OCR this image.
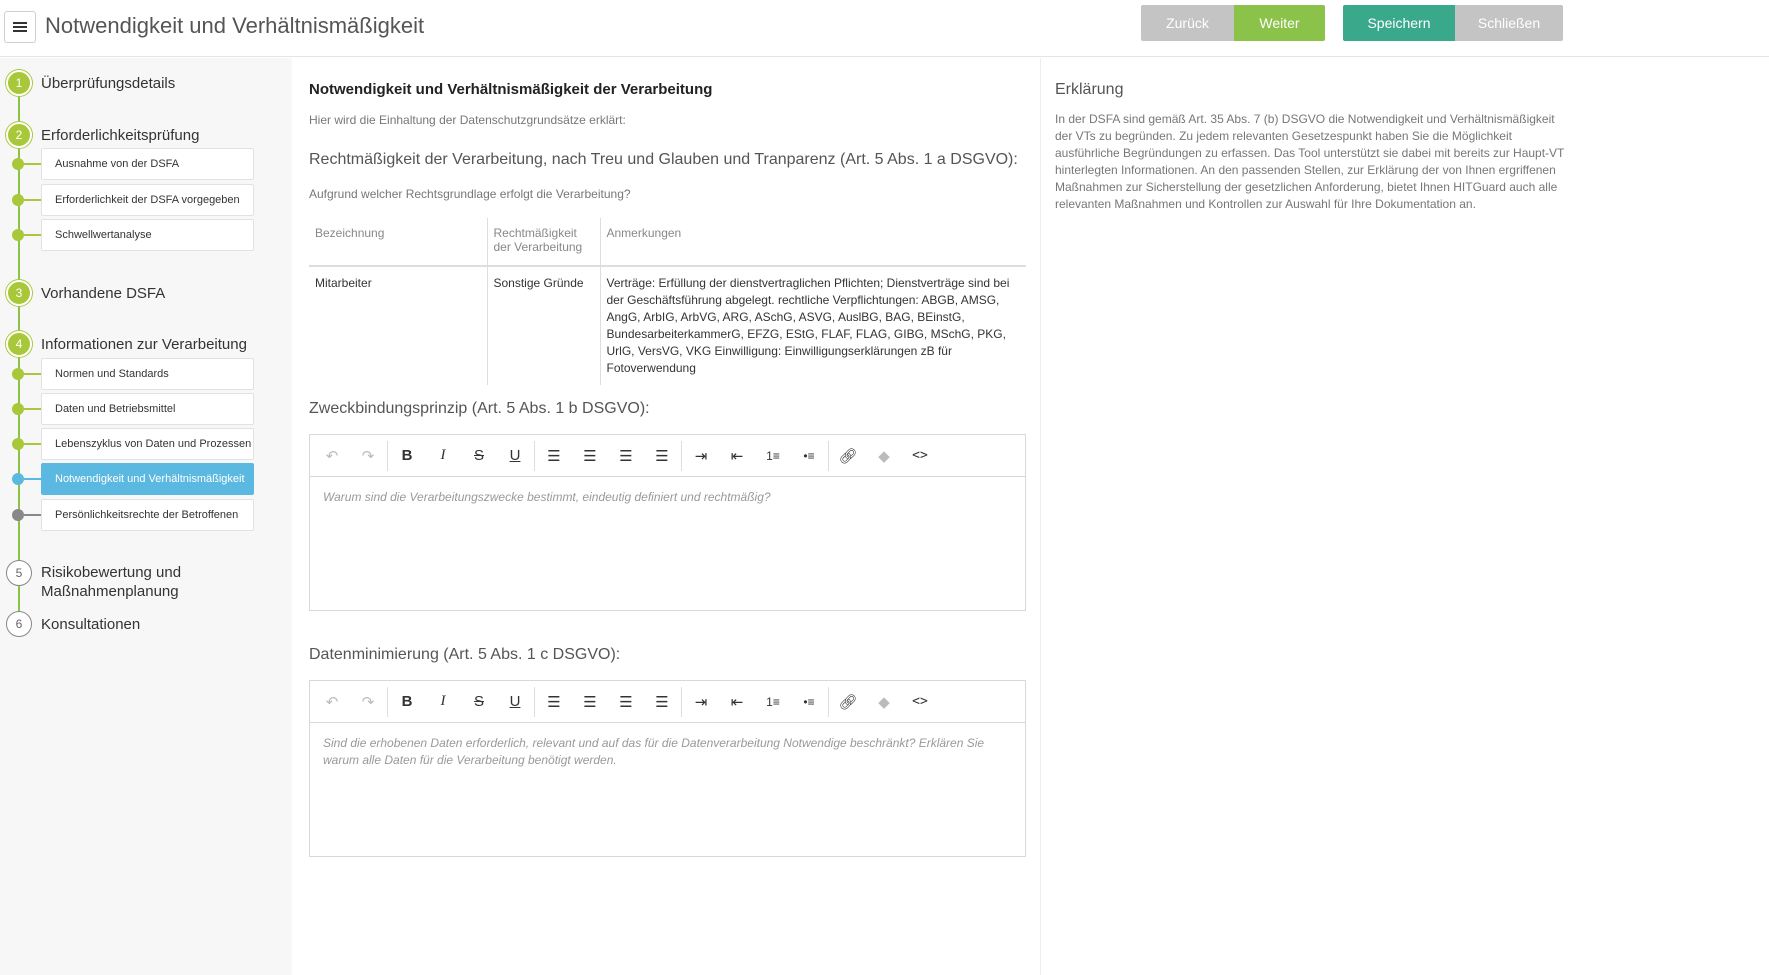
Notwendigkeit und Verhältnismäßigkeit	Zurück	Weiter	Speichern	Schließen
1	Überprüfungsdetails
2	Erforderlichkeitsprüfung
Ausnahme von der DSFA
Erforderlichkeit der DSFA vorgegeben
Schwellwertanalyse
3	Vorhandene DSFA
4	Informationen zur Verarbeitung
Normen und Standards
Daten und Betriebsmittel
Lebenszyklus von Daten und Prozessen
Notwendigkeit und Verhältnismäßigkeit
Persönlichkeitsrechte der Betroffenen
5	Risikobewertung und Maßnahmenplanung
6	Konsultationen
Notwendigkeit und Verhältnismäßigkeit der Verarbeitung
Hier wird die Einhaltung der Datenschutzgrundsätze erklärt:
Rechtmäßigkeit der Verarbeitung, nach Treu und Glauben und Tranparenz (Art. 5 Abs. 1 a DSGVO):
Aufgrund welcher Rechtsgrundlage erfolgt die Verarbeitung?
Bezeichnung	Rechtmäßigkeit der Verarbeitung	Anmerkungen
Mitarbeiter	Sonstige Gründe	Verträge: Erfüllung der dienstvertraglichen Pflichten; Dienstverträge sind bei der Geschäftsführung abgelegt. rechtliche Verpflichtungen: ABGB, AMSG, AngG, ArbIG, ArbVG, ARG, ASchG, ASVG, AuslBG, BAG, BEinstG, BundesarbeiterkammerG, EFZG, EStG, FLAF, FLAG, GIBG, MSchG, PKG, UrlG, VersVG, VKG Einwilligung: Einwilligungserklärungen zB für Fotoverwendung
Zweckbindungsprinzip (Art. 5 Abs. 1 b DSGVO):
↶	↷	B	I	S	U	☰	☰	☰	☰	⇥	⇤	1≡	•≡	🔗︎	◆	<>
Warum sind die Verarbeitungszwecke bestimmt, eindeutig definiert und rechtmäßig?
Datenminimierung (Art. 5 Abs. 1 c DSGVO):
↶	↷	B	I	S	U	☰	☰	☰	☰	⇥	⇤	1≡	•≡	🔗︎	◆	<>
Sind die erhobenen Daten erforderlich, relevant und auf das für die Datenverarbeitung Notwendige beschränkt? Erklären Sie warum alle Daten für die Verarbeitung benötigt werden.
Erklärung
In der DSFA sind gemäß Art. 35 Abs. 7 (b) DSGVO die Notwendigkeit und Verhältnismäßigkeit der VTs zu begründen. Zu jedem relevanten Gesetzespunkt haben Sie die Möglichkeit ausführliche Begründungen zu erfassen. Das Tool unterstützt sie dabei mit bereits zur Haupt-VT hinterlegten Informationen. An den passenden Stellen, zur Erklärung der von Ihnen ergriffenen Maßnahmen zur Sicherstellung der gesetzlichen Anforderung, bietet Ihnen HITGuard auch alle relevanten Maßnahmen und Kontrollen zur Auswahl für Ihre Dokumentation an.
